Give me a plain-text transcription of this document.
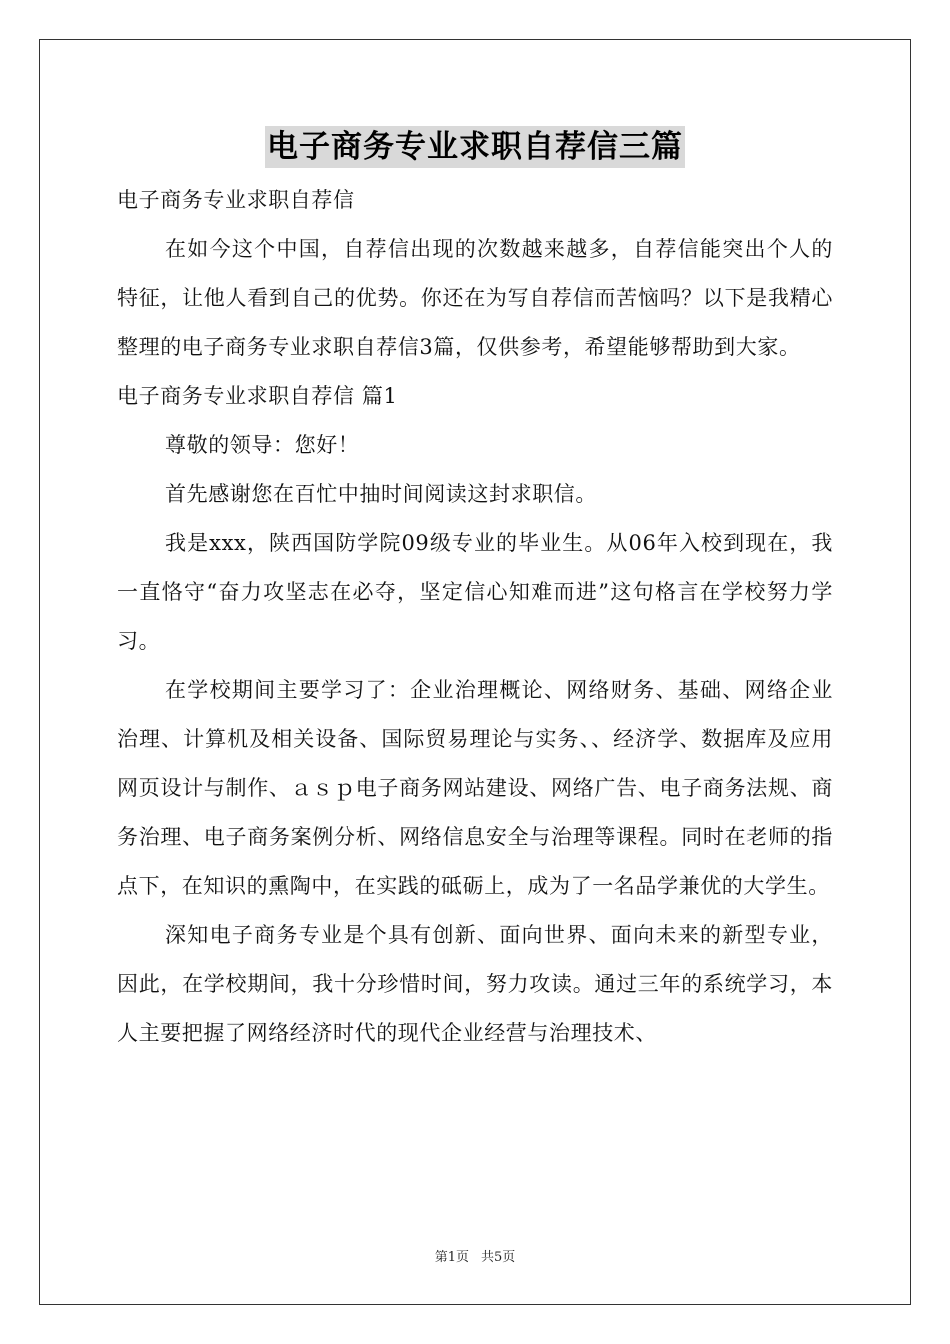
电子商务专业求职自荐信三篇

电子商务专业求职自荐信

在如今这个中国，自荐信出现的次数越来越多，自荐信能突出个人的特征，让他人看到自己的优势。你还在为写自荐信而苦恼吗？以下是我精心整理的电子商务专业求职自荐信3篇，仅供参考，希望能够帮助到大家。

电子商务专业求职自荐信 篇1

尊敬的领导：您好！

首先感谢您在百忙中抽时间阅读这封求职信。

我是xxx，陕西国防学院09级专业的毕业生。从06年入校到现在，我一直恪守“奋力攻坚志在必夺，坚定信心知难而进”这句格言在学校努力学习。

在学校期间主要学习了：企业治理概论、网络财务、基础、网络企业治理、计算机及相关设备、国际贸易理论与实务、、经济学、数据库及应用网页设计与制作、ａｓｐ电子商务网站建设、网络广告、电子商务法规、商务治理、电子商务案例分析、网络信息安全与治理等课程。同时在老师的指点下，在知识的熏陶中，在实践的砥砺上，成为了一名品学兼优的大学生。

深知电子商务专业是个具有创新、面向世界、面向未来的新型专业，因此，在学校期间，我十分珍惜时间，努力攻读。通过三年的系统学习，本人主要把握了网络经济时代的现代企业经营与治理技术、

第1页 共5页
